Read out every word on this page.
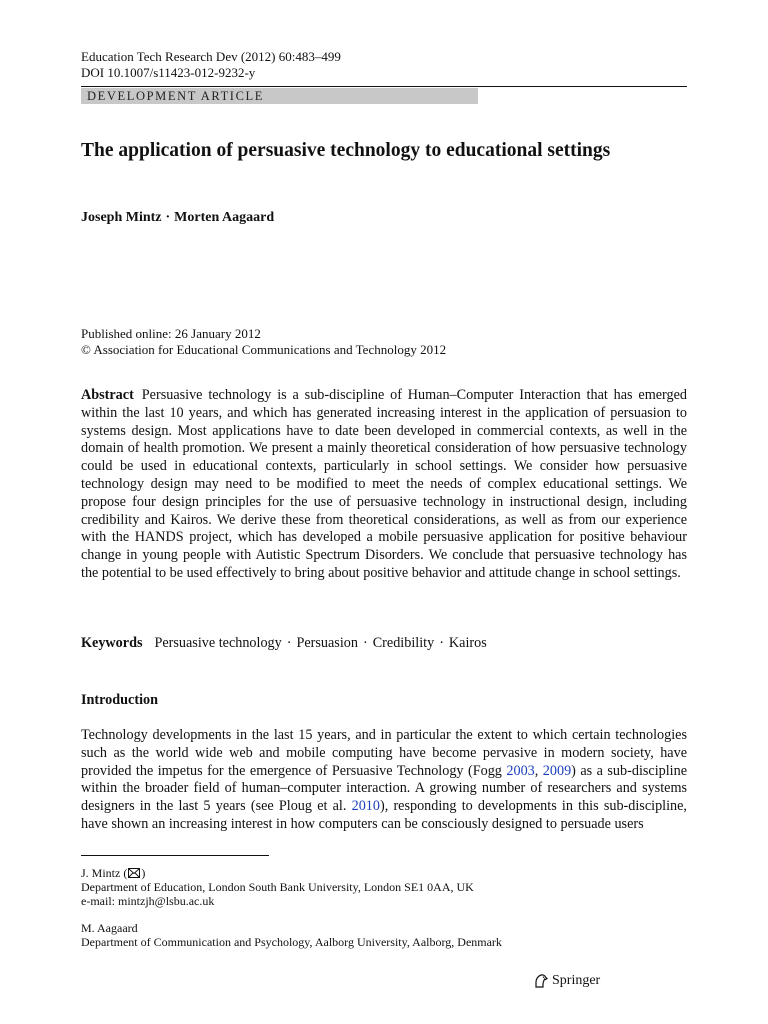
Education Tech Research Dev (2012) 60:483–499
DOI 10.1007/s11423-012-9232-y
DEVELOPMENT ARTICLE
The application of persuasive technology to educational settings
Joseph Mintz · Morten Aagaard
Published online: 26 January 2012
© Association for Educational Communications and Technology 2012

Abstract Persuasive technology is a sub-discipline of Human–Computer Interaction that has emerged within the last 10 years, and which has generated increasing interest in the application of persuasion to systems design. Most applications have to date been developed in commercial contexts, as well in the domain of health promotion. We present a mainly theoretical consideration of how persuasive technology could be used in educational contexts, particularly in school settings. We consider how persuasive technology design may need to be modified to meet the needs of complex educational settings. We propose four design principles for the use of persuasive technology in instructional design, including credibility and Kairos. We derive these from theoretical considerations, as well as from our experience with the HANDS project, which has developed a mobile persuasive application for positive behaviour change in young people with Autistic Spectrum Disorders. We conclude that persuasive technology has the potential to be used effectively to bring about positive behavior and attitude change in school settings.

Keywords Persuasive technology · Persuasion · Credibility · Kairos
Introduction

Technology developments in the last 15 years, and in particular the extent to which certain technologies such as the world wide web and mobile computing have become pervasive in modern society, have provided the impetus for the emergence of Persuasive Technology (Fogg 2003, 2009) as a sub-discipline within the broader field of human–computer interaction. A growing number of researchers and systems designers in the last 5 years (see Ploug et al. 2010), responding to developments in this sub-discipline, have shown an increasing interest in how computers can be consciously designed to persuade users

J. Mintz ( )
Department of Education, London South Bank University, London SE1 0AA, UK
e-mail: mintzjh@lsbu.ac.uk
M. Aagaard
Department of Communication and Psychology, Aalborg University, Aalborg, Denmark
Springer
